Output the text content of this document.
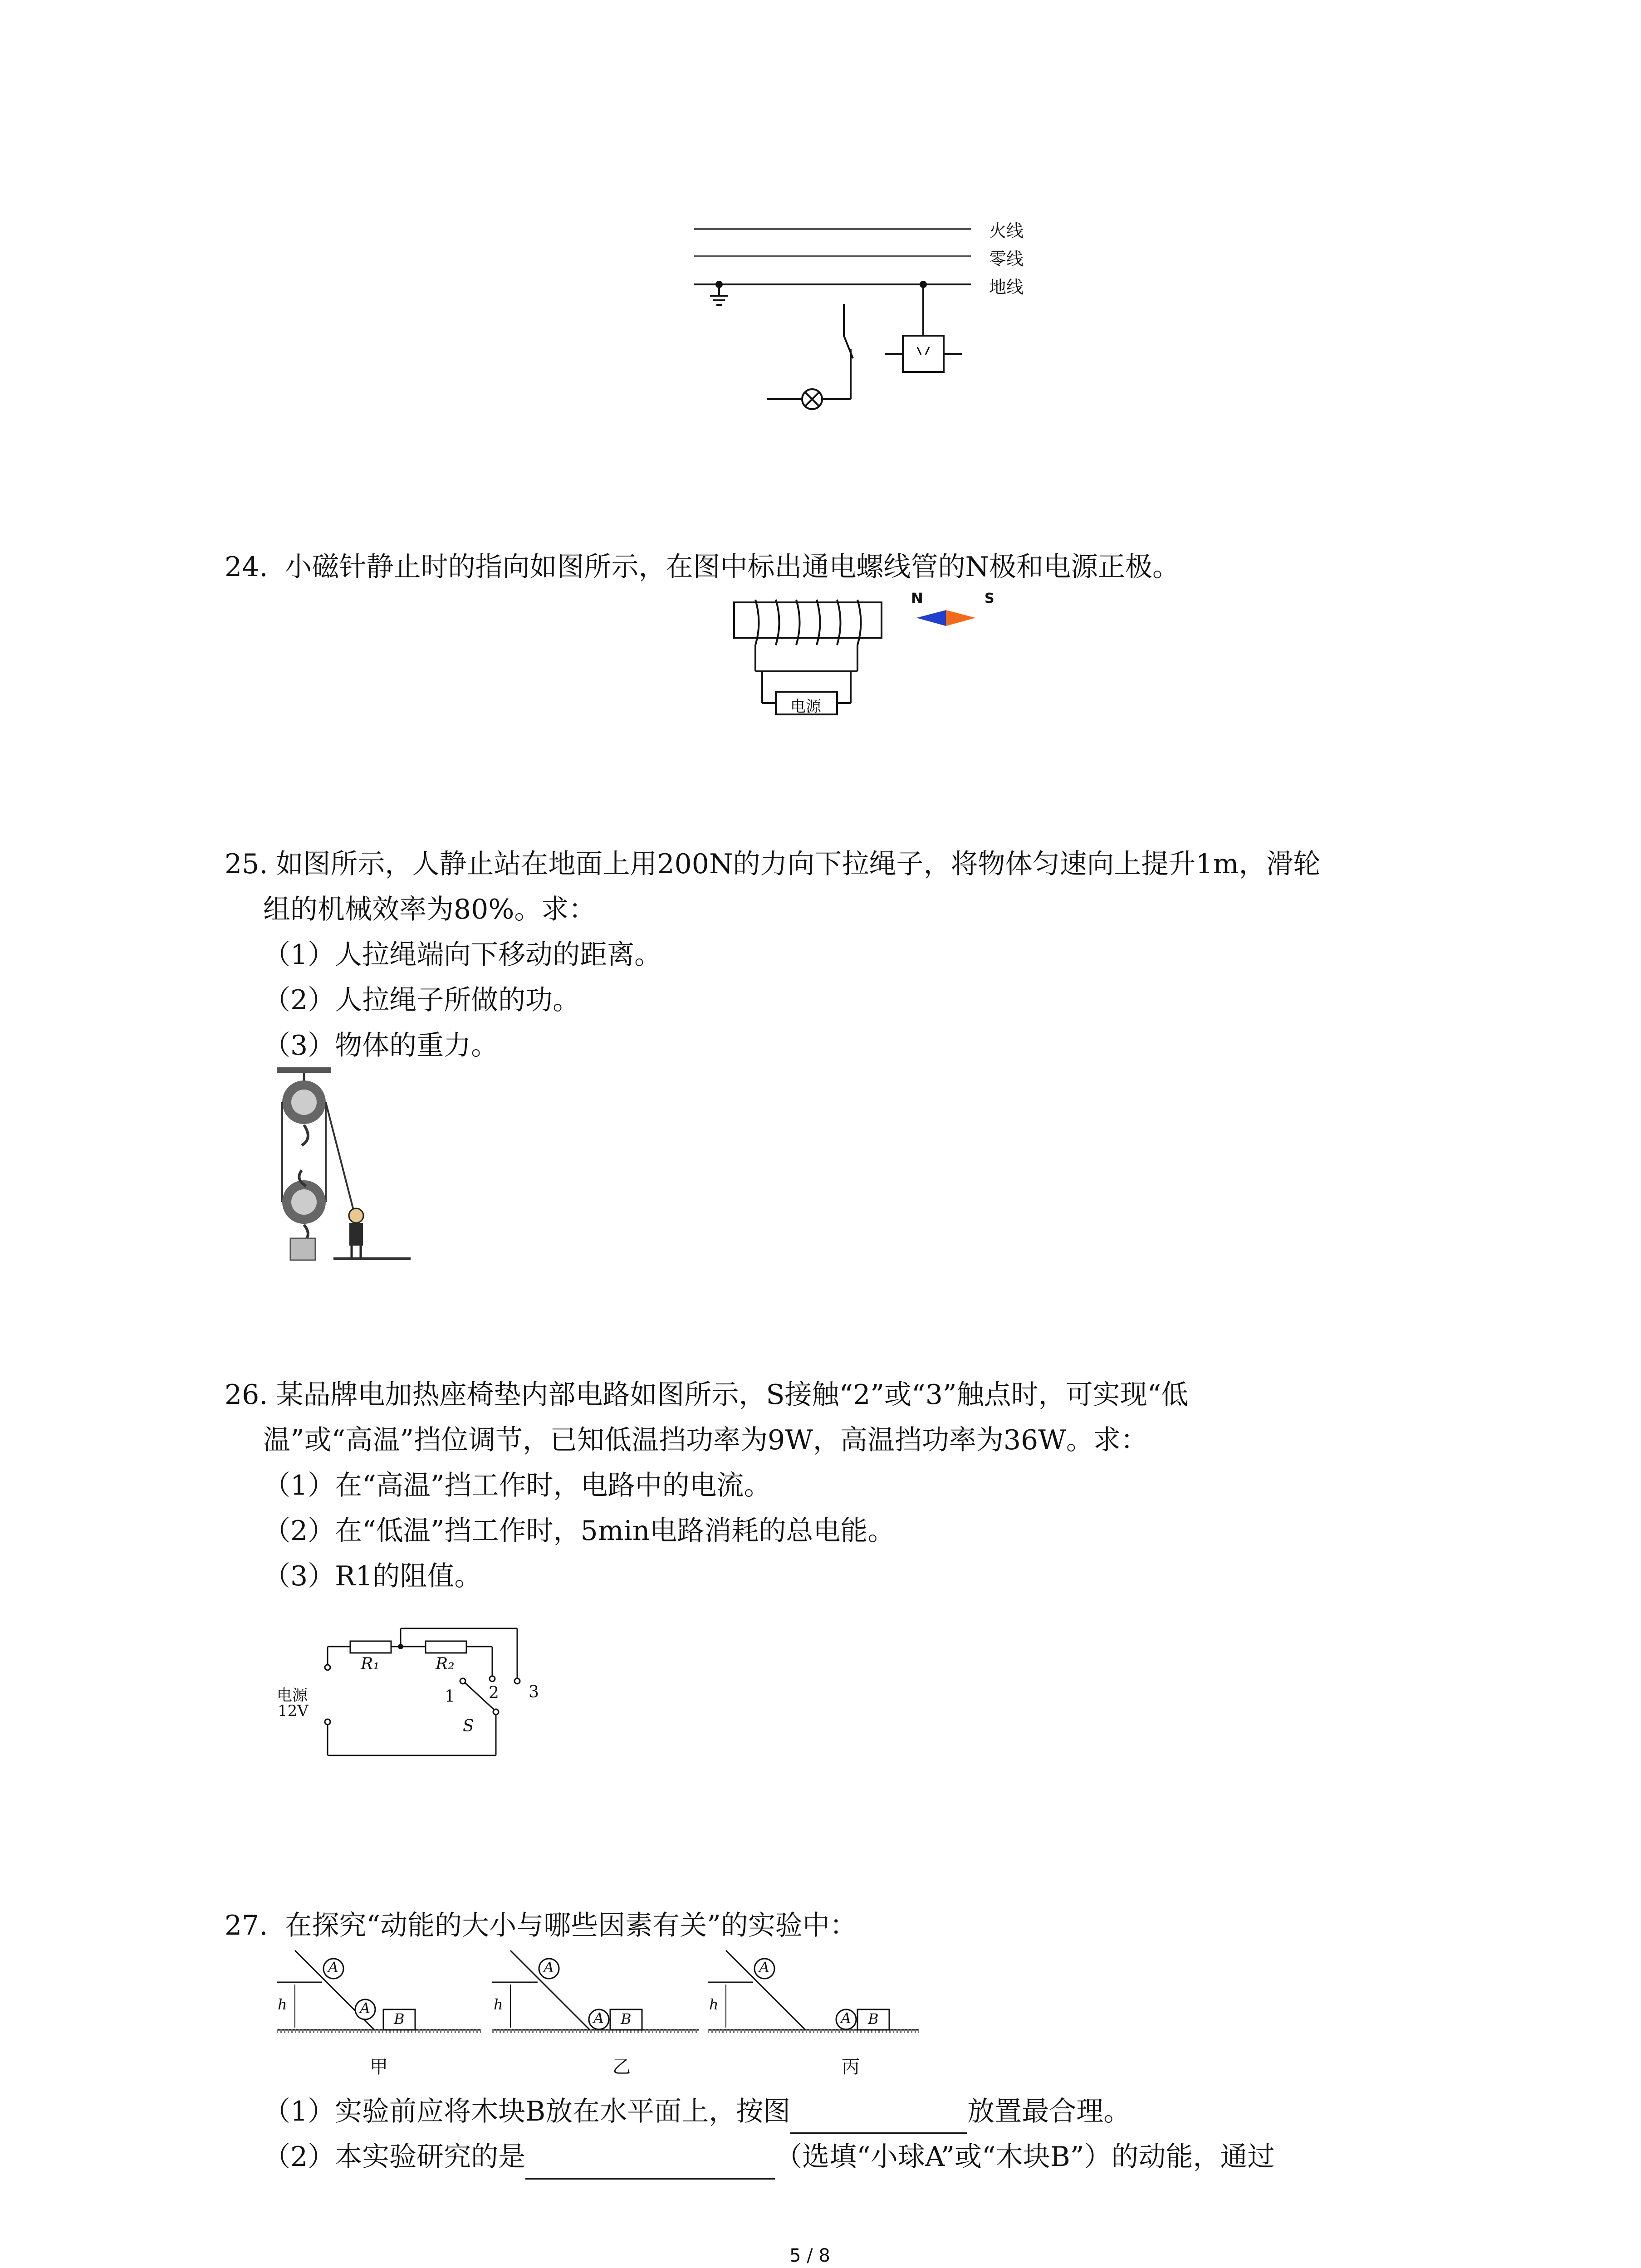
火线
零线
地线
24. 小磁针静止时的指向如图所示，在图中标出通电螺线管的N极和电源正极。
N	S
电源
25. 如图所示，人静止站在地面上用200N的力向下拉绳子，将物体匀速向上提升1m，滑轮
组的机械效率为80%。求：
（1）人拉绳端向下移动的距离。
（2）人拉绳子所做的功。
（3）物体的重力。
26. 某品牌电加热座椅垫内部电路如图所示，S接触“2”或“3”触点时，可实现“低
温”或“高温”挡位调节，已知低温挡功率为9W，高温挡功率为36W。求：
（1）在“高温”挡工作时，电路中的电流。
（2）在“低温”挡工作时，5min电路消耗的总电能。
（3）R1的阻值。
R₁	R₂
电源
12V
1 2 3
S
27. 在探究“动能的大小与哪些因素有关”的实验中：
A
A
B
h
A
A B
h
A
A B
h
甲	乙	丙
（1）实验前应将木块B放在水平面上，按图	放置最合理。
（2）本实验研究的是	（选填“小球A”或“木块B”）的动能，通过
5 / 8
